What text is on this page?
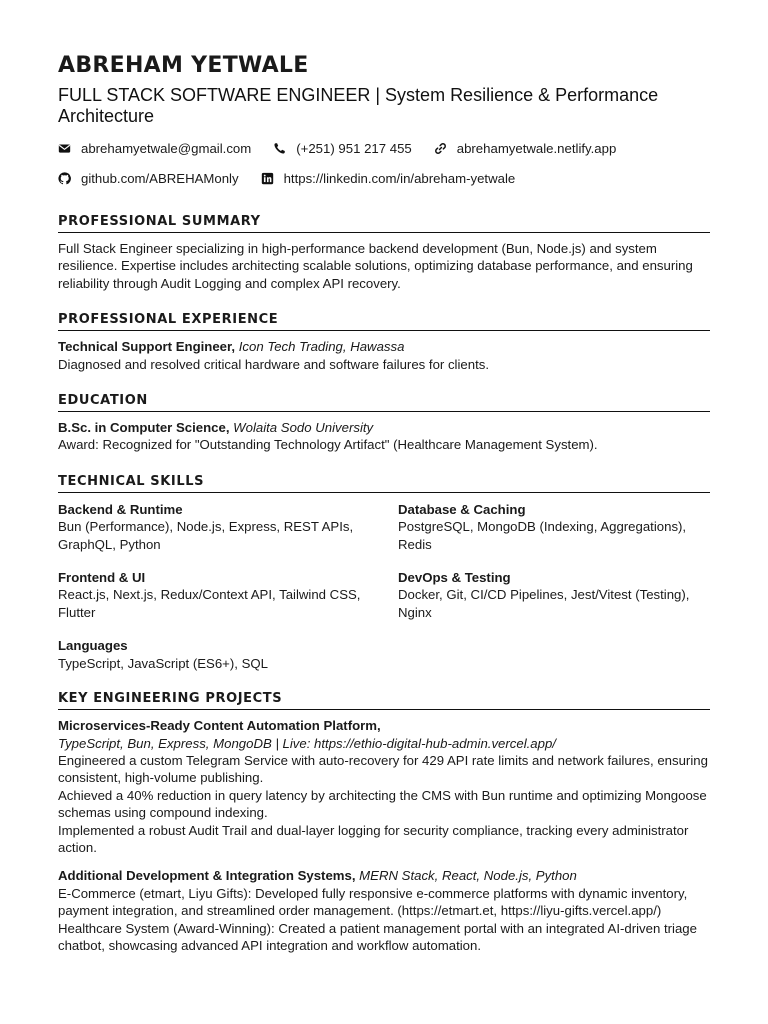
ABREHAM YETWALE
FULL STACK SOFTWARE ENGINEER | System Resilience & Performance Architecture
abrehamyetwale@gmail.com	(+251) 951 217 455	abrehamyetwale.netlify.app
github.com/ABREHAMonly	https://linkedin.com/in/abreham-yetwale
PROFESSIONAL SUMMARY
Full Stack Engineer specializing in high-performance backend development (Bun, Node.js) and system resilience. Expertise includes architecting scalable solutions, optimizing database performance, and ensuring reliability through Audit Logging and complex API recovery.
PROFESSIONAL EXPERIENCE
Technical Support Engineer, Icon Tech Trading, Hawassa
Diagnosed and resolved critical hardware and software failures for clients.
EDUCATION
B.Sc. in Computer Science, Wolaita Sodo University
Award: Recognized for "Outstanding Technology Artifact" (Healthcare Management System).
TECHNICAL SKILLS
Backend & Runtime
Bun (Performance), Node.js, Express, REST APIs, GraphQL, Python
Database & Caching
PostgreSQL, MongoDB (Indexing, Aggregations), Redis
Frontend & UI
React.js, Next.js, Redux/Context API, Tailwind CSS, Flutter
DevOps & Testing
Docker, Git, CI/CD Pipelines, Jest/Vitest (Testing), Nginx
Languages
TypeScript, JavaScript (ES6+), SQL
KEY ENGINEERING PROJECTS
Microservices-Ready Content Automation Platform,
TypeScript, Bun, Express, MongoDB | Live: https://ethio-digital-hub-admin.vercel.app/
Engineered a custom Telegram Service with auto-recovery for 429 API rate limits and network failures, ensuring consistent, high-volume publishing.
Achieved a 40% reduction in query latency by architecting the CMS with Bun runtime and optimizing Mongoose schemas using compound indexing.
Implemented a robust Audit Trail and dual-layer logging for security compliance, tracking every administrator action.
Additional Development & Integration Systems, MERN Stack, React, Node.js, Python
E-Commerce (etmart, Liyu Gifts): Developed fully responsive e-commerce platforms with dynamic inventory, payment integration, and streamlined order management. (https://etmart.et, https://liyu-gifts.vercel.app/)
Healthcare System (Award-Winning): Created a patient management portal with an integrated AI-driven triage chatbot, showcasing advanced API integration and workflow automation.
